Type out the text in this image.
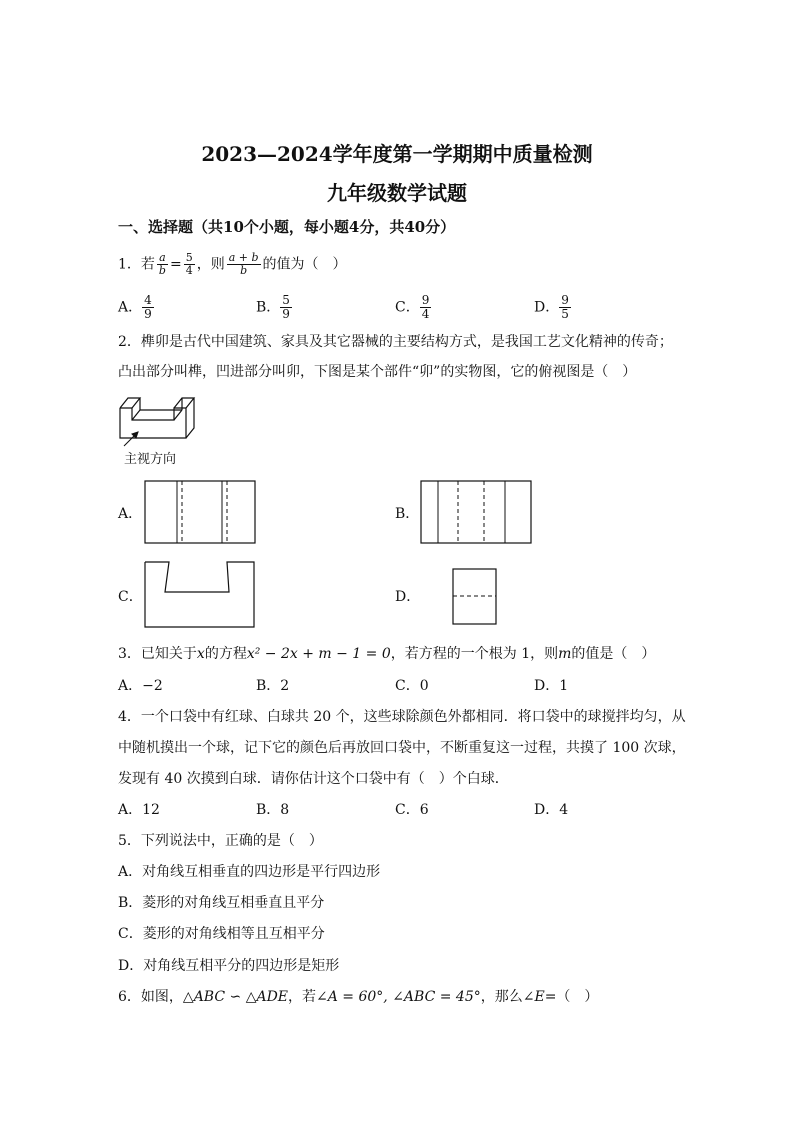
2023—2024学年度第一学期期中质量检测
九年级数学试题
一、选择题（共10个小题，每小题4分，共40分）
1．若 $\frac{a}{b} = \frac{5}{4}$ ，则 $\frac{a + b}{b}$ 的值为（　）
A． $\frac{4}{9}$	B． $\frac{5}{9}$	C． $\frac{9}{4}$	D． $\frac{9}{5}$
2．榫卯是古代中国建筑、家具及其它器械的主要结构方式，是我国工艺文化精神的传奇；
凸出部分叫榫，凹进部分叫卯，下图是某个部件“卯”的实物图，它的俯视图是（　）
主视方向
A．	B．
C．	D．
3．已知关于x的方程x² − 2x + m − 1 = 0，若方程的一个根为 1，则m的值是（　）
A．−2	B．2	C．0	D．1
4．一个口袋中有红球、白球共 20 个，这些球除颜色外都相同．将口袋中的球搅拌均匀，从
中随机摸出一个球，记下它的颜色后再放回口袋中，不断重复这一过程，共摸了 100 次球，
发现有 40 次摸到白球．请你估计这个口袋中有（　）个白球．
A．12	B．8	C．6	D．4
5．下列说法中，正确的是（　）
A．对角线互相垂直的四边形是平行四边形
B．菱形的对角线互相垂直且平分
C．菱形的对角线相等且互相平分
D．对角线互相平分的四边形是矩形
6．如图，△ABC ∽ △ADE，若∠A = 60°, ∠ABC = 45°，那么∠E=（　）
